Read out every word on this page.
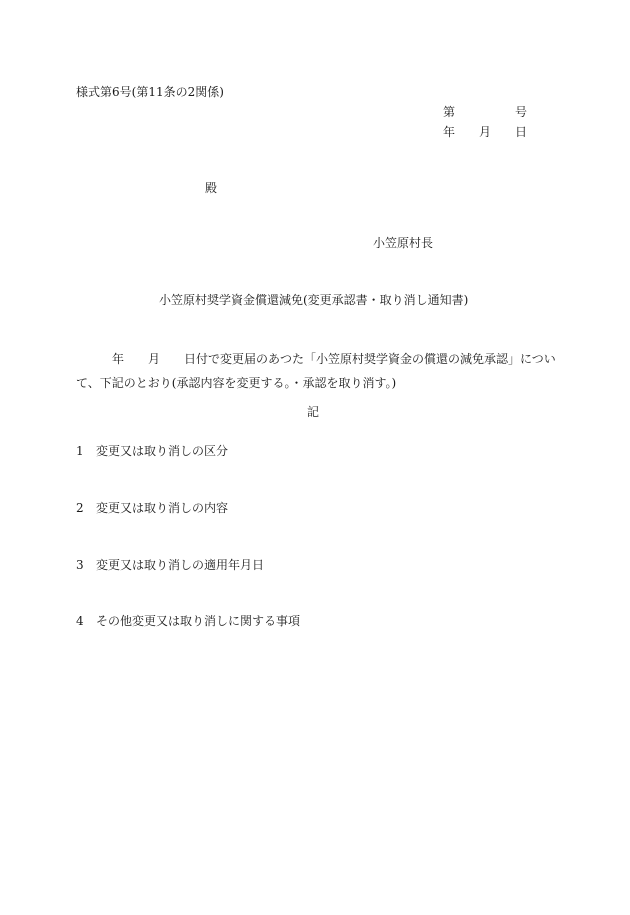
様式第6号(第11条の2関係)
第	号
年 月 日
殿
小笠原村長
小笠原村奨学資金償還減免(変更承認書・取り消し通知書)
年 月 日付で変更届のあつた「小笠原村奨学資金の償還の減免承認」について、下記のとおり(承認内容を変更する。・承認を取り消す。)
記
1 変更又は取り消しの区分
2 変更又は取り消しの内容
3 変更又は取り消しの適用年月日
4 その他変更又は取り消しに関する事項
